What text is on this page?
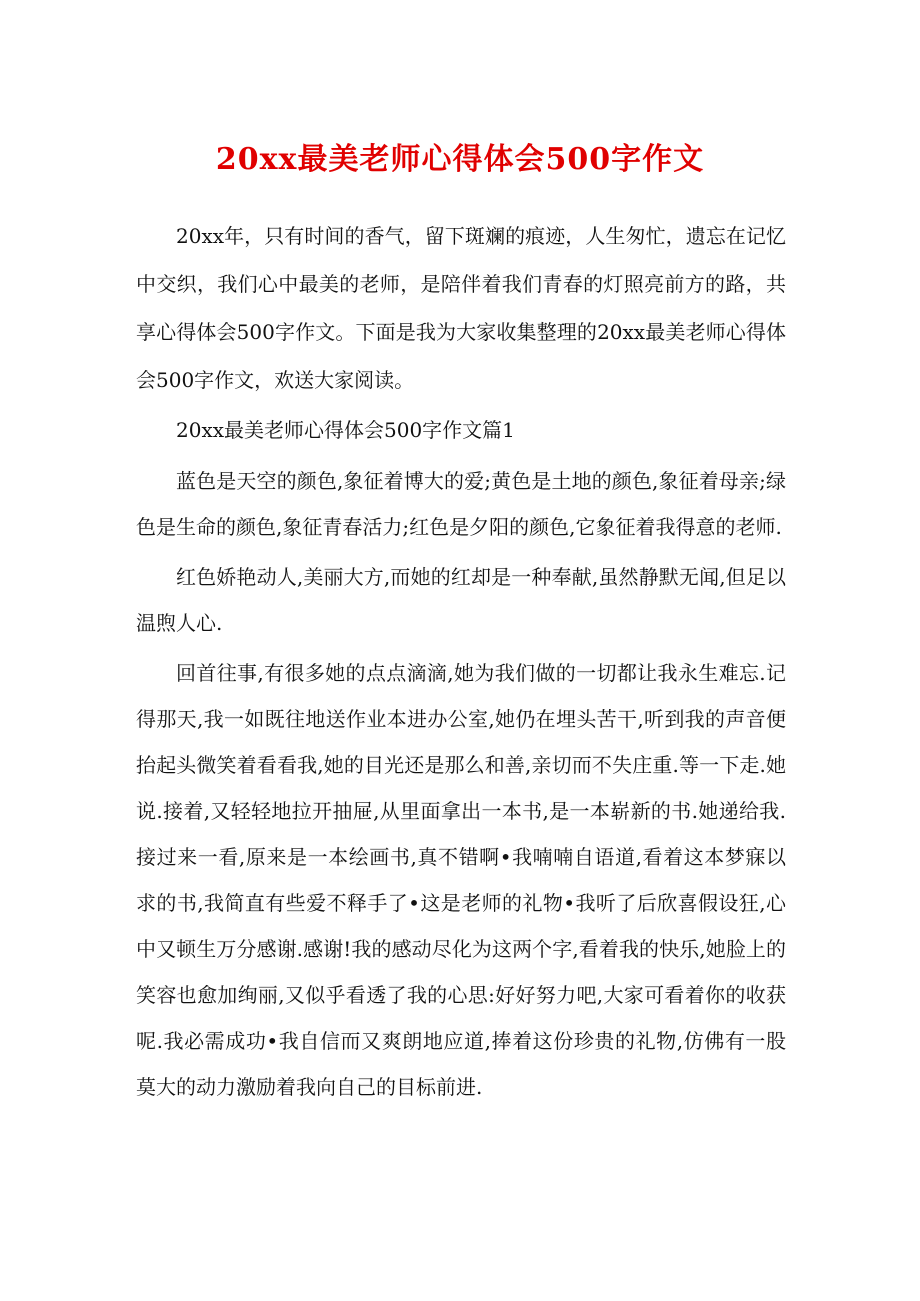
20xx最美老师心得体会500字作文

20xx年，只有时间的香气，留下斑斓的痕迹，人生匆忙，遗忘在记忆中交织，我们心中最美的老师，是陪伴着我们青春的灯照亮前方的路，共享心得体会500字作文。下面是我为大家收集整理的20xx最美老师心得体会500字作文，欢送大家阅读。

20xx最美老师心得体会500字作文篇1

蓝色是天空的颜色,象征着博大的爱;黄色是土地的颜色,象征着母亲;绿色是生命的颜色,象征青春活力;红色是夕阳的颜色,它象征着我得意的老师.

红色娇艳动人,美丽大方,而她的红却是一种奉献,虽然静默无闻,但足以温煦人心.

回首往事,有很多她的点点滴滴,她为我们做的一切都让我永生难忘.记得那天,我一如既往地送作业本进办公室,她仍在埋头苦干,听到我的声音便抬起头微笑着看看我,她的目光还是那么和善,亲切而不失庄重.等一下走.她说.接着,又轻轻地拉开抽屉,从里面拿出一本书,是一本崭新的书.她递给我.接过来一看,原来是一本绘画书,真不错啊•我喃喃自语道,看着这本梦寐以求的书,我简直有些爱不释手了•这是老师的礼物•我听了后欣喜假设狂,心中又顿生万分感谢.感谢!我的感动尽化为这两个字,看着我的快乐,她脸上的笑容也愈加绚丽,又似乎看透了我的心思:好好努力吧,大家可看着你的收获呢.我必需成功•我自信而又爽朗地应道,捧着这份珍贵的礼物,仿佛有一股莫大的动力激励着我向自己的目标前进.
